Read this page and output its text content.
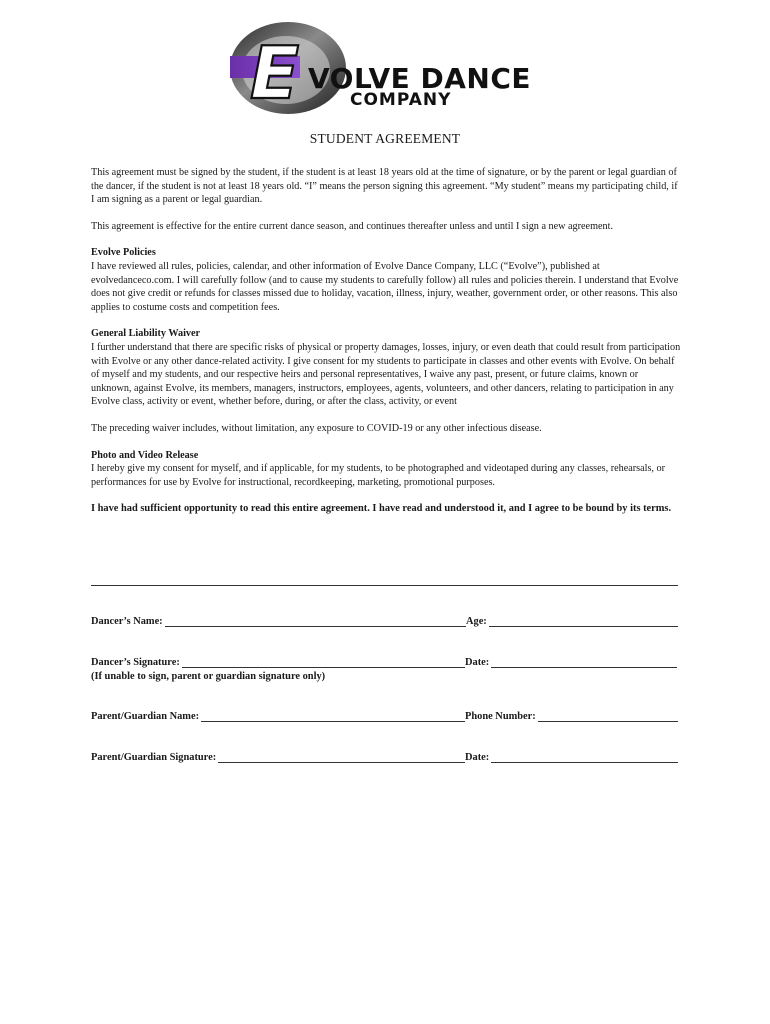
E VOLVE DANCE
COMPANY
STUDENT AGREEMENT

This agreement must be signed by the student, if the student is at least 18 years old at the time of signature, or by the parent or legal guardian of the dancer, if the student is not at least 18 years old. “I” means the person signing this agreement. “My student” means my participating child, if I am signing as a parent or legal guardian.

This agreement is effective for the entire current dance season, and continues thereafter unless and until I sign a new agreement.

Evolve Policies

I have reviewed all rules, policies, calendar, and other information of Evolve Dance Company, LLC (“Evolve”), published at evolvedanceco.com. I will carefully follow (and to cause my students to carefully follow) all rules and policies therein. I understand that Evolve does not give credit or refunds for classes missed due to holiday, vacation, illness, injury, weather, government order, or other reasons. This also applies to costume costs and competition fees.

General Liability Waiver

I further understand that there are specific risks of physical or property damages, losses, injury, or even death that could result from participation with Evolve or any other dance-related activity. I give consent for my students to participate in classes and other events with Evolve. On behalf of myself and my students, and our respective heirs and personal representatives, I waive any past, present, or future claims, known or unknown, against Evolve, its members, managers, instructors, employees, agents, volunteers, and other dancers, relating to participation in any Evolve class, activity or event, whether before, during, or after the class, activity, or event

The preceding waiver includes, without limitation, any exposure to COVID-19 or any other infectious disease.

Photo and Video Release

I hereby give my consent for myself, and if applicable, for my students, to be photographed and videotaped during any classes, rehearsals, or performances for use by Evolve for instructional, recordkeeping, marketing, promotional purposes.

I have had sufficient opportunity to read this entire agreement. I have read and understood it, and I agree to be bound by its terms.

Dancer’s Name:	Age:
Dancer’s Signature:	Date:
(If unable to sign, parent or guardian signature only)
Parent/Guardian Name:	Phone Number:
Parent/Guardian Signature:	Date:
